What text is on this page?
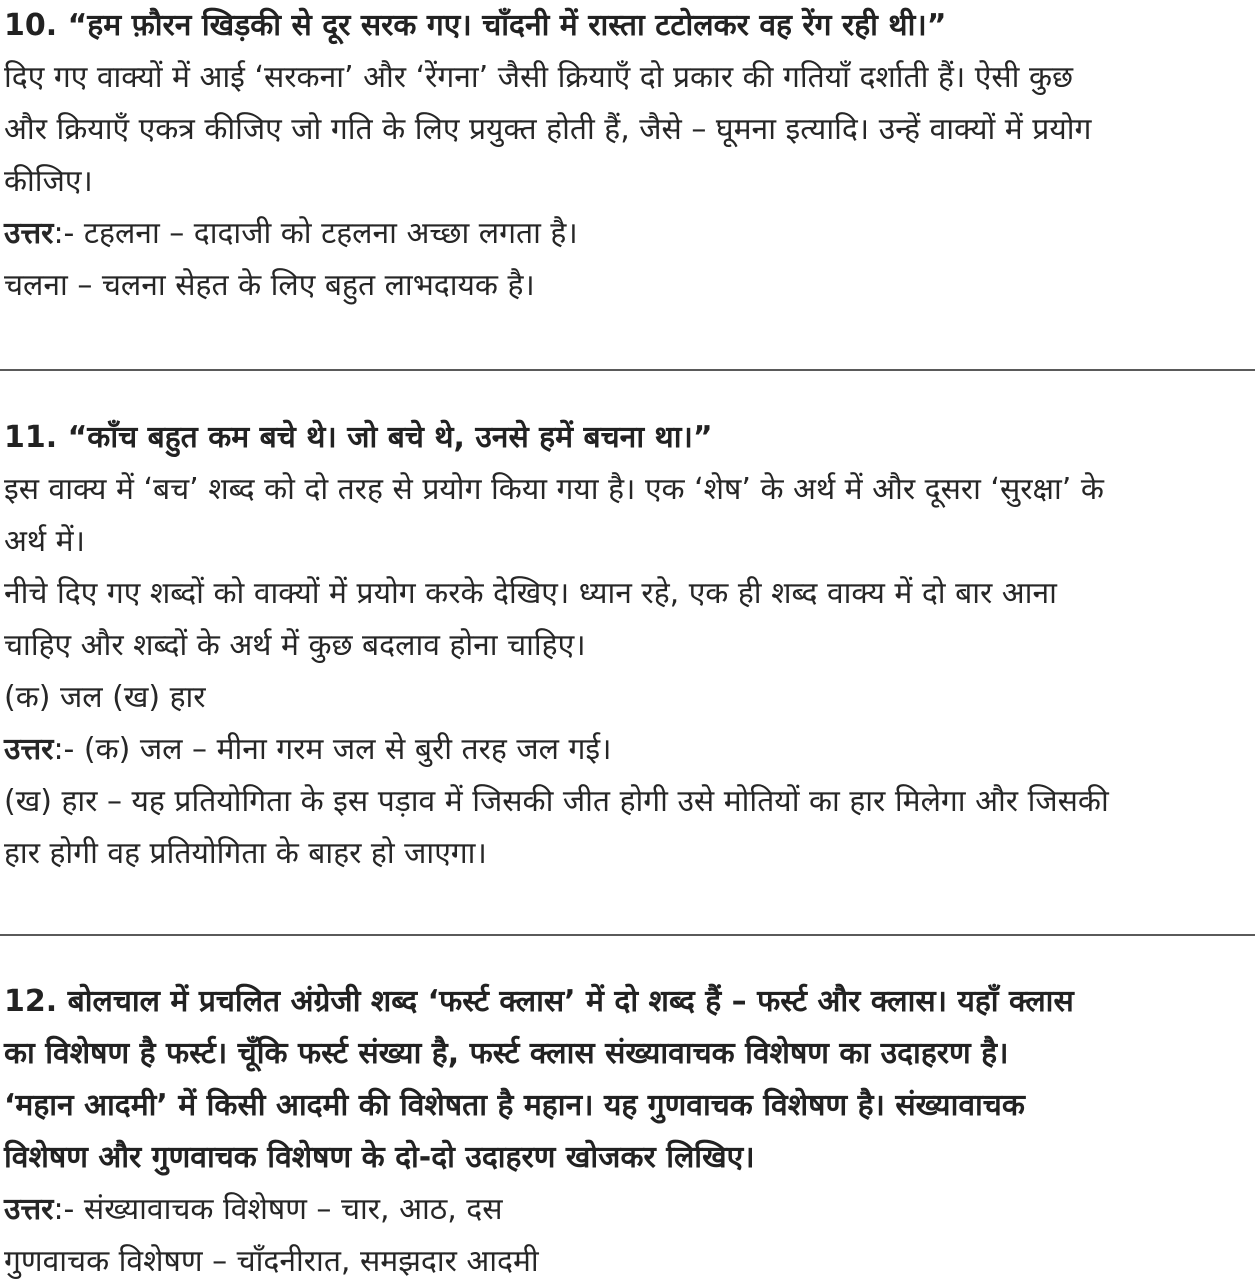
10. “हम फ़ौरन खिड़की से दूर सरक गए। चाँदनी में रास्ता टटोलकर वह रेंग रही थी।”
दिए गए वाक्यों में आई ‘सरकना’ और ‘रेंगना’ जैसी क्रियाएँ दो प्रकार की गतियाँ दर्शाती हैं। ऐसी कुछ
और क्रियाएँ एकत्र कीजिए जो गति के लिए प्रयुक्त होती हैं, जैसे – घूमना इत्यादि। उन्हें वाक्यों में प्रयोग
कीजिए।
उत्तर:- टहलना – दादाजी को टहलना अच्छा लगता है।
चलना – चलना सेहत के लिए बहुत लाभदायक है।
11. “काँच बहुत कम बचे थे। जो बचे थे, उनसे हमें बचना था।”
इस वाक्य में ‘बच’ शब्द को दो तरह से प्रयोग किया गया है। एक ‘शेष’ के अर्थ में और दूसरा ‘सुरक्षा’ के
अर्थ में।
नीचे दिए गए शब्दों को वाक्यों में प्रयोग करके देखिए। ध्यान रहे, एक ही शब्द वाक्य में दो बार आना
चाहिए और शब्दों के अर्थ में कुछ बदलाव होना चाहिए।
(क) जल (ख) हार
उत्तर:- (क) जल – मीना गरम जल से बुरी तरह जल गई।
(ख) हार – यह प्रतियोगिता के इस पड़ाव में जिसकी जीत होगी उसे मोतियों का हार मिलेगा और जिसकी
हार होगी वह प्रतियोगिता के बाहर हो जाएगा।
12. बोलचाल में प्रचलित अंग्रेजी शब्द ‘फर्स्ट क्लास’ में दो शब्द हैं – फर्स्ट और क्लास। यहाँ क्लास
का विशेषण है फर्स्ट। चूँकि फर्स्ट संख्या है, फर्स्ट क्लास संख्यावाचक विशेषण का उदाहरण है।
‘महान आदमी’ में किसी आदमी की विशेषता है महान। यह गुणवाचक विशेषण है। संख्यावाचक
विशेषण और गुणवाचक विशेषण के दो-दो उदाहरण खोजकर लिखिए।
उत्तर:- संख्यावाचक विशेषण – चार, आठ, दस
गुणवाचक विशेषण – चाँदनीरात, समझदार आदमी
